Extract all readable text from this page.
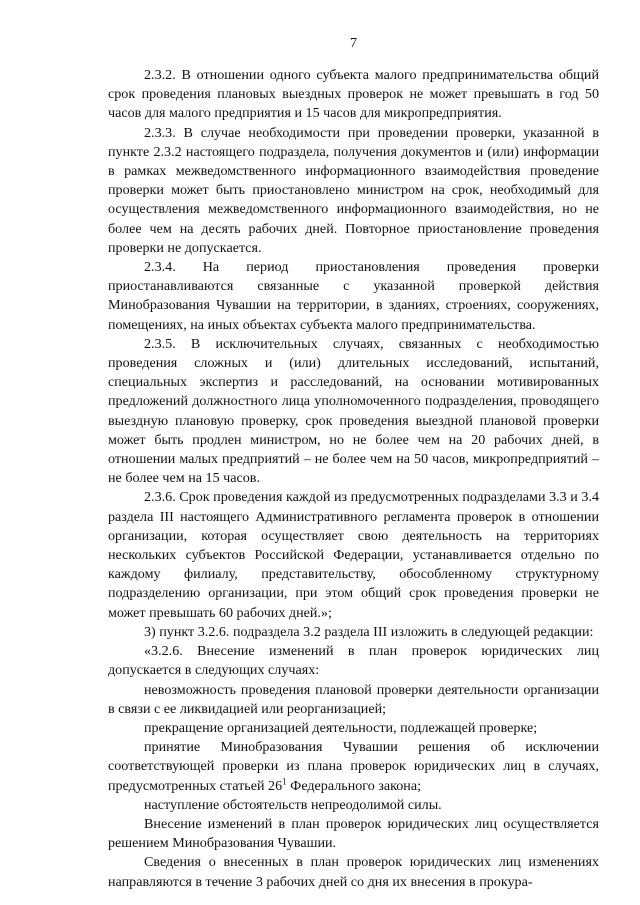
7

2.3.2. В отношении одного субъекта малого предпринимательства общий срок проведения плановых выездных проверок не может превышать в год 50 часов для малого предприятия и 15 часов для микропредприятия.

2.3.3. В случае необходимости при проведении проверки, указанной в пункте 2.3.2 настоящего подраздела, получения документов и (или) информации в рамках межведомственного информационного взаимодействия проведение проверки может быть приостановлено министром на срок, необходимый для осуществления межведомственного информационного взаимодействия, но не более чем на десять рабочих дней. Повторное приостановление проведения проверки не допускается.

2.3.4. На период приостановления проведения проверки приостанавливаются связанные с указанной проверкой действия Минобразования Чувашии на территории, в зданиях, строениях, сооружениях, помещениях, на иных объектах субъекта малого предпринимательства.

2.3.5. В исключительных случаях, связанных с необходимостью проведения сложных и (или) длительных исследований, испытаний, специальных экспертиз и расследований, на основании мотивированных предложений должностного лица уполномоченного подразделения, проводящего выездную плановую проверку, срок проведения выездной плановой проверки может быть продлен министром, но не более чем на 20 рабочих дней, в отношении малых предприятий – не более чем на 50 часов, микропредприятий – не более чем на 15 часов.

2.3.6. Срок проведения каждой из предусмотренных подразделами 3.3 и 3.4 раздела III настоящего Административного регламента проверок в отношении организации, которая осуществляет свою деятельность на территориях нескольких субъектов Российской Федерации, устанавливается отдельно по каждому филиалу, представительству, обособленному структурному подразделению организации, при этом общий срок проведения проверки не может превышать 60 рабочих дней.»;

3) пункт 3.2.6. подраздела 3.2 раздела III изложить в следующей редакции:

«3.2.6. Внесение изменений в план проверок юридических лиц допускается в следующих случаях:

невозможность проведения плановой проверки деятельности организации в связи с ее ликвидацией или реорганизацией;

прекращение организацией деятельности, подлежащей проверке;

принятие Минобразования Чувашии решения об исключении соответствующей проверки из плана проверок юридических лиц в случаях, предусмотренных статьей $26^1$ Федерального закона;

наступление обстоятельств непреодолимой силы.

Внесение изменений в план проверок юридических лиц осуществляется решением Минобразования Чувашии.

Сведения о внесенных в план проверок юридических лиц изменениях направляются в течение 3 рабочих дней со дня их внесения в прокура-
